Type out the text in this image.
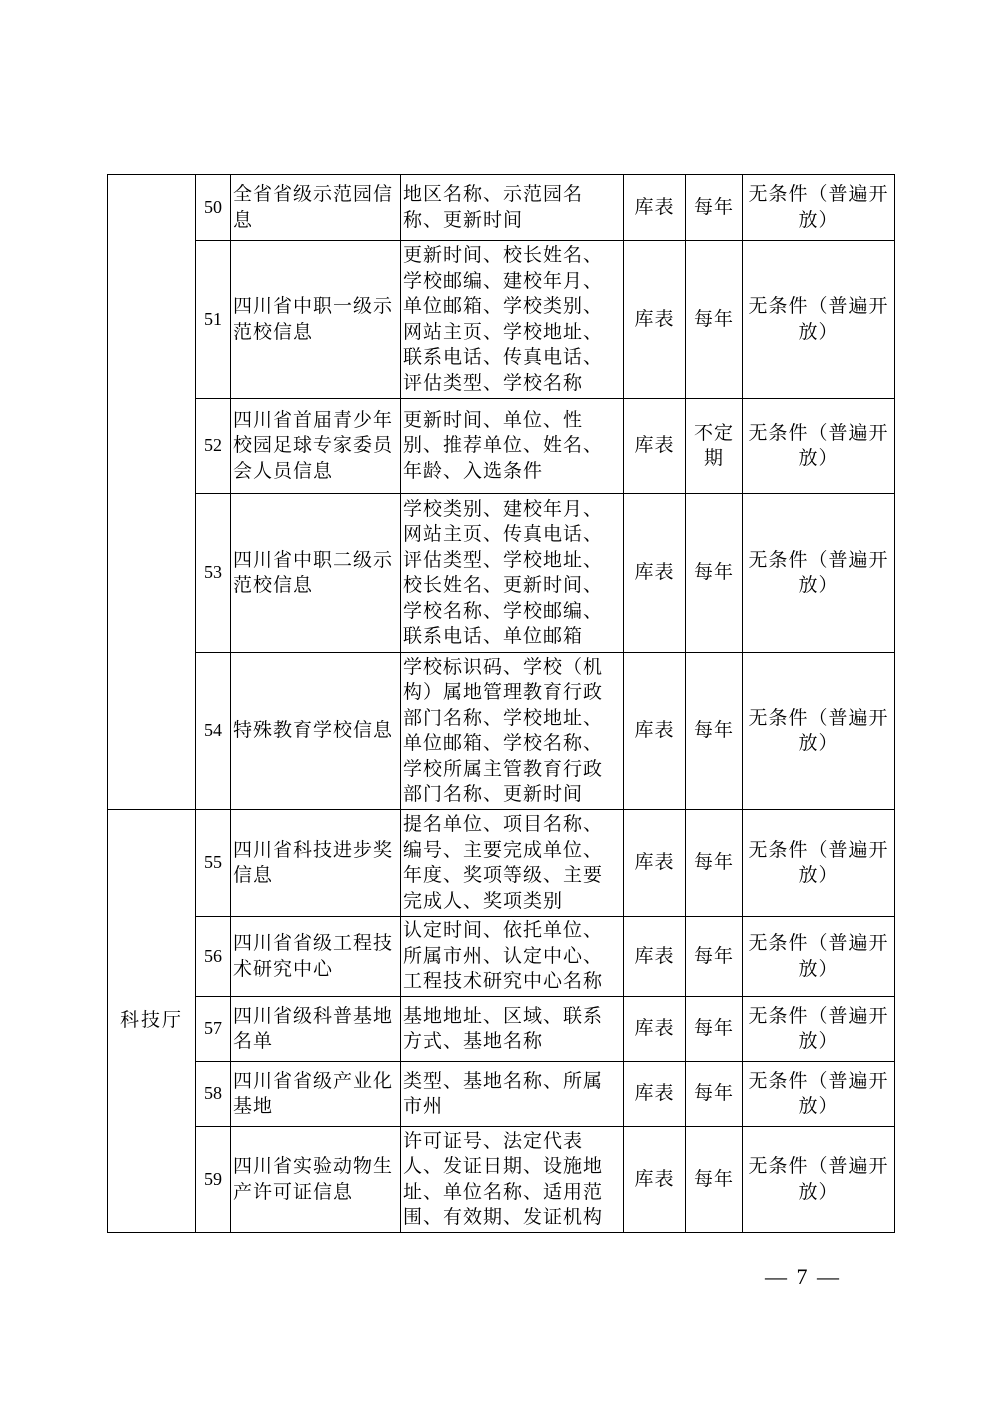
	50	全省省级示范园信息	地区名称、示范园名称、更新时间	库表	每年	无条件（普遍开放）
	51	四川省中职一级示范校信息	更新时间、校长姓名、学校邮编、建校年月、单位邮箱、学校类别、网站主页、学校地址、联系电话、传真电话、评估类型、学校名称	库表	每年	无条件（普遍开放）
	52	四川省首届青少年校园足球专家委员会人员信息	更新时间、单位、性别、推荐单位、姓名、年龄、入选条件	库表	不定期	无条件（普遍开放）
	53	四川省中职二级示范校信息	学校类别、建校年月、网站主页、传真电话、评估类型、学校地址、校长姓名、更新时间、学校名称、学校邮编、联系电话、单位邮箱	库表	每年	无条件（普遍开放）
	54	特殊教育学校信息	学校标识码、学校（机构）属地管理教育行政部门名称、学校地址、单位邮箱、学校名称、学校所属主管教育行政部门名称、更新时间	库表	每年	无条件（普遍开放）
科技厅	55	四川省科技进步奖信息	提名单位、项目名称、编号、主要完成单位、年度、奖项等级、主要完成人、奖项类别	库表	每年	无条件（普遍开放）
	56	四川省省级工程技术研究中心	认定时间、依托单位、所属市州、认定中心、工程技术研究中心名称	库表	每年	无条件（普遍开放）
	57	四川省级科普基地名单	基地地址、区域、联系方式、基地名称	库表	每年	无条件（普遍开放）
	58	四川省省级产业化基地	类型、基地名称、所属市州	库表	每年	无条件（普遍开放）
	59	四川省实验动物生产许可证信息	许可证号、法定代表人、发证日期、设施地址、单位名称、适用范围、有效期、发证机构	库表	每年	无条件（普遍开放）
— 7 —
